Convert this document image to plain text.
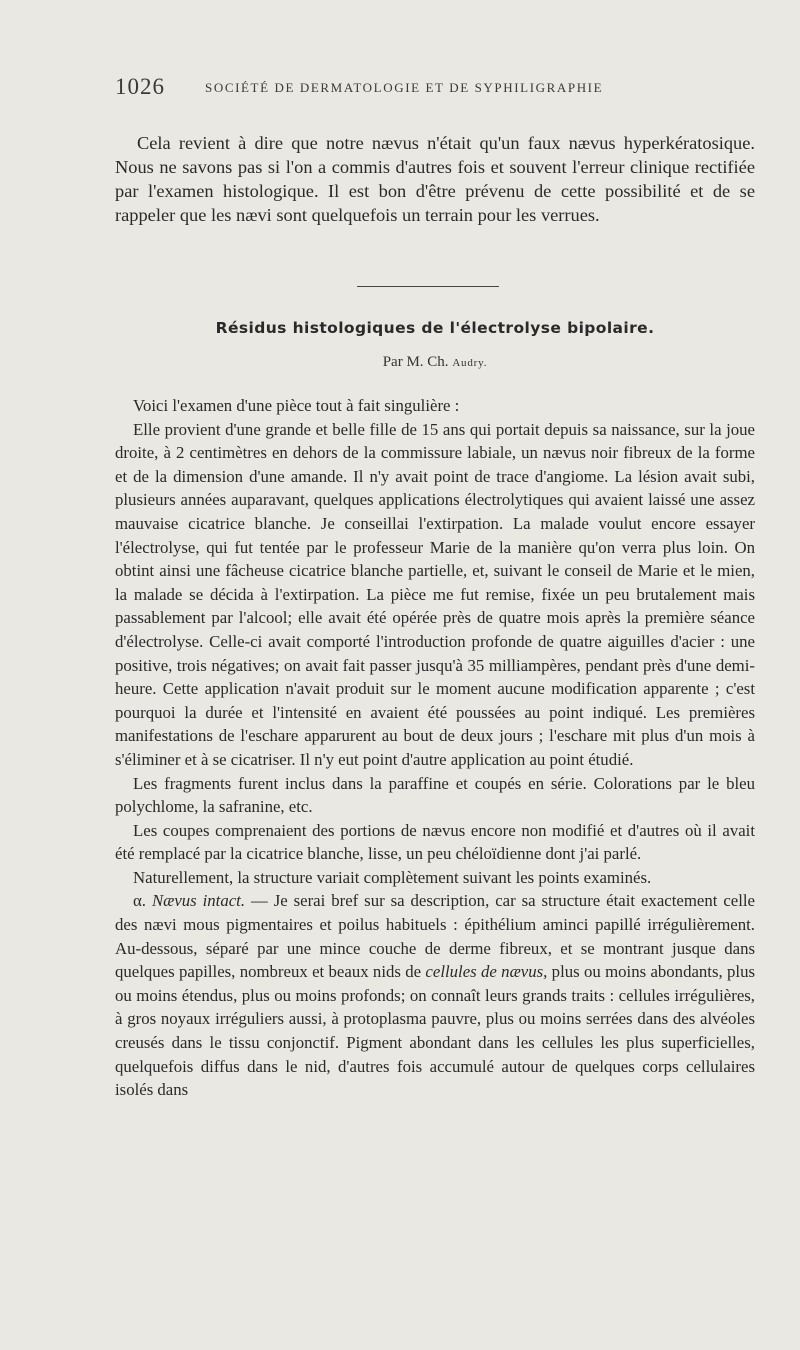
1026	SOCIÉTÉ DE DERMATOLOGIE ET DE SYPHILIGRAPHIE

Cela revient à dire que notre nævus n'était qu'un faux nævus hyperkératosique. Nous ne savons pas si l'on a commis d'autres fois et souvent l'erreur clinique rectifiée par l'examen histologique. Il est bon d'être prévenu de cette possibilité et de se rappeler que les nævi sont quelquefois un terrain pour les verrues.

Résidus histologiques de l'électrolyse bipolaire.
Par M. Ch. Audry.

Voici l'examen d'une pièce tout à fait singulière :

Elle provient d'une grande et belle fille de 15 ans qui portait depuis sa naissance, sur la joue droite, à 2 centimètres en dehors de la commissure labiale, un nævus noir fibreux de la forme et de la dimension d'une amande. Il n'y avait point de trace d'angiome. La lésion avait subi, plusieurs années auparavant, quelques applications électrolytiques qui avaient laissé une assez mauvaise cicatrice blanche. Je conseillai l'extirpation. La malade voulut encore essayer l'électrolyse, qui fut tentée par le professeur Marie de la manière qu'on verra plus loin. On obtint ainsi une fâcheuse cicatrice blanche partielle, et, suivant le conseil de Marie et le mien, la malade se décida à l'extirpation. La pièce me fut remise, fixée un peu brutalement mais passablement par l'alcool; elle avait été opérée près de quatre mois après la première séance d'électrolyse. Celle-ci avait comporté l'introduction profonde de quatre aiguilles d'acier : une positive, trois négatives; on avait fait passer jusqu'à 35 milliampères, pendant près d'une demi-heure. Cette application n'avait produit sur le moment aucune modification apparente ; c'est pourquoi la durée et l'intensité en avaient été poussées au point indiqué. Les premières manifestations de l'eschare apparurent au bout de deux jours ; l'eschare mit plus d'un mois à s'éliminer et à se cicatriser. Il n'y eut point d'autre application au point étudié.

Les fragments furent inclus dans la paraffine et coupés en série. Colorations par le bleu polychlome, la safranine, etc.

Les coupes comprenaient des portions de nævus encore non modifié et d'autres où il avait été remplacé par la cicatrice blanche, lisse, un peu chéloïdienne dont j'ai parlé.

Naturellement, la structure variait complètement suivant les points examinés.

α. Nævus intact. — Je serai bref sur sa description, car sa structure était exactement celle des nævi mous pigmentaires et poilus habituels : épithélium aminci papillé irrégulièrement. Au-dessous, séparé par une mince couche de derme fibreux, et se montrant jusque dans quelques papilles, nombreux et beaux nids de cellules de nævus, plus ou moins abondants, plus ou moins étendus, plus ou moins profonds; on connaît leurs grands traits : cellules irrégulières, à gros noyaux irréguliers aussi, à protoplasma pauvre, plus ou moins serrées dans des alvéoles creusés dans le tissu conjonctif. Pigment abondant dans les cellules les plus superficielles, quelquefois diffus dans le nid, d'autres fois accumulé autour de quelques corps cellulaires isolés dans
